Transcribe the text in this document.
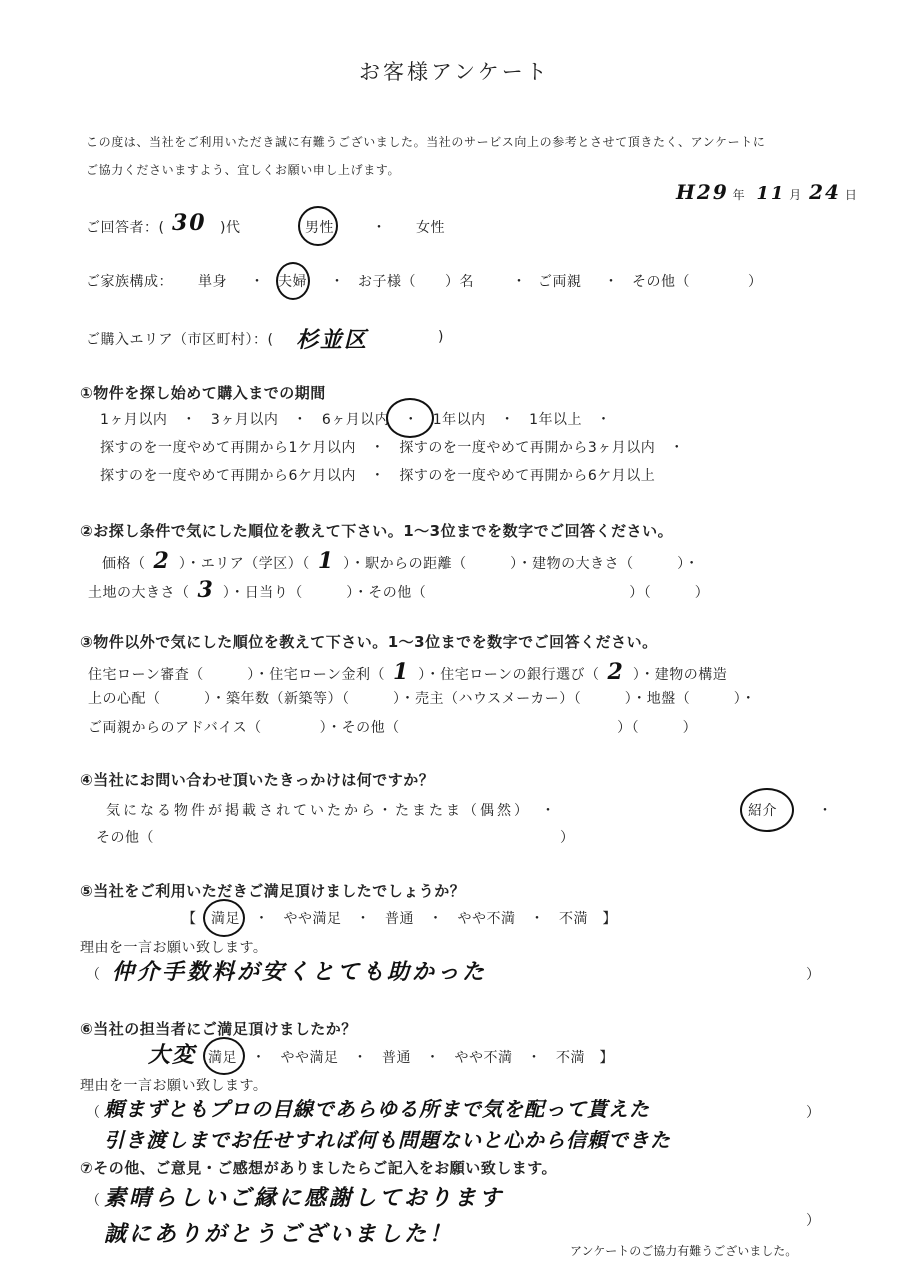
お客様アンケート
この度は、当社をご利用いただき誠に有難うございました。当社のサービス向上の参考とさせて頂きたく、アンケートに
ご協力くださいますよう、宜しくお願い申し上げます。
H29 年 11 月 24 日
ご回答者：( 30 )代	男性	・ 女性
ご家族構成： 単身 ・ 夫婦 ・ お子様（　　）名	・ ご両親 ・ その他（　　　　）
ご購入エリア（市区町村）：( 杉並区	)
①物件を探し始めて購入までの期間
1ヶ月以内　・　3ヶ月以内　・　6ヶ月以内　・　1年以内　・　1年以上　・
探すのを一度やめて再開から1ケ月以内　・　探すのを一度やめて再開から3ヶ月以内　・
探すのを一度やめて再開から6ケ月以内　・　探すのを一度やめて再開から6ケ月以上
②お探し条件で気にした順位を教えて下さい。1～3位までを数字でご回答ください。
価格（ 2 ）・エリア（学区）（ 1 ）・駅からの距離（　　　）・建物の大きさ（　　　）・
土地の大きさ（ 3 ）・日当り（　　　）・その他（　　　　　　　　　　　　　　）（　　　）
③物件以外で気にした順位を教えて下さい。1～3位までを数字でご回答ください。
住宅ローン審査（　　　）・住宅ローン金利（ 1 ）・住宅ローンの銀行選び（ 2 ）・建物の構造
上の心配（　　　）・築年数（新築等）（　　　）・売主（ハウスメーカー）（　　　）・地盤（　　　）・
ご両親からのアドバイス（　　　　）・その他（　　　　　　　　　　　　　　　）（　　　）
④当社にお問い合わせ頂いたきっかけは何ですか？
気になる物件が掲載されていたから・たまたま（偶然）　・	紹介	・
その他（　　　　　　　　　　　　　　　　　　　　　　　　　　　　）
⑤当社をご利用いただきご満足頂けましたでしょうか？
【　満足　・　やや満足　・　普通　・　やや不満　・　不満　】
理由を一言お願い致します。
（ 仲介手数料が安くとても助かった	）
⑥当社の担当者にご満足頂けましたか？
大変 満足　・　やや満足　・　普通　・　やや不満　・　不満　】
理由を一言お願い致します。
（ 頼まずともプロの目線であらゆる所まで気を配って貰えた	）
引き渡しまでお任せすれば何も問題ないと心から信頼できた
⑦その他、ご意見・ご感想がありましたらご記入をお願い致します。
（ 素晴らしいご縁に感謝しております
誠にありがとうございました！	）
アンケートのご協力有難うございました。
